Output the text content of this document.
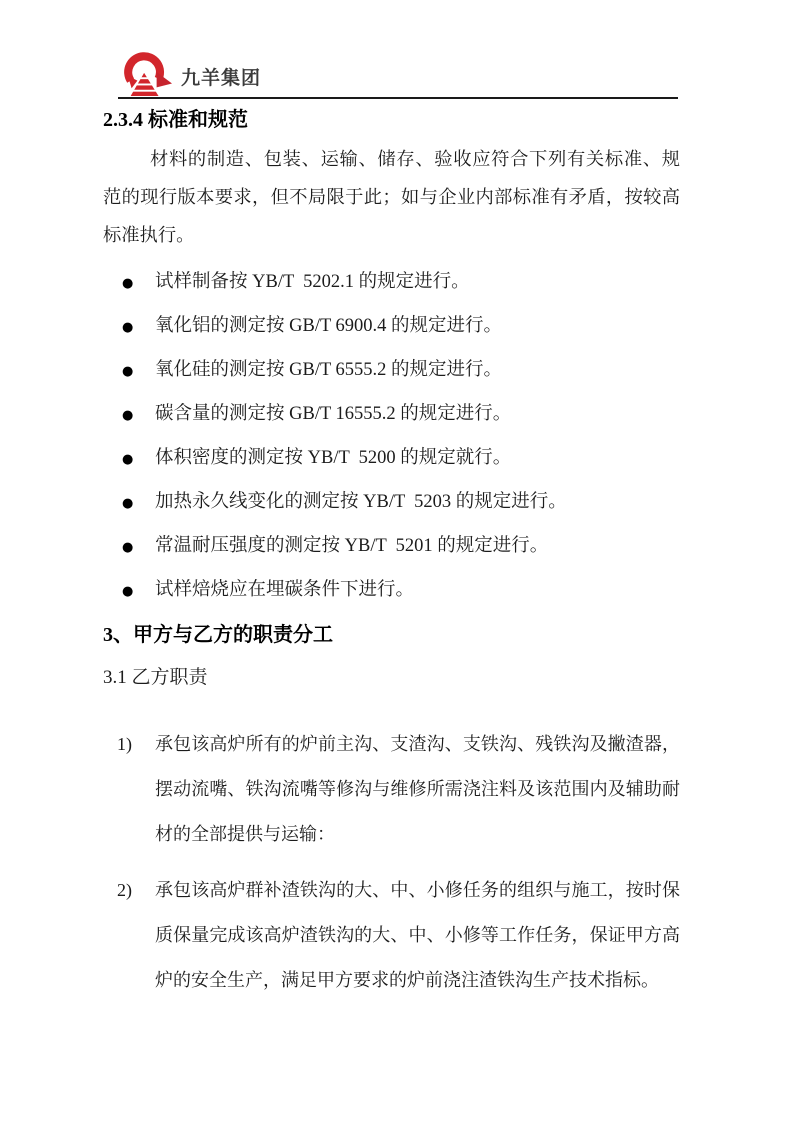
九羊集团
2.3.4 标准和规范

材料的制造、包装、运输、储存、验收应符合下列有关标准、规范的现行版本要求，但不局限于此；如与企业内部标准有矛盾，按较高标准执行。

●	试样制备按 YB/T  5202.1 的规定进行。
●	氧化铝的测定按 GB/T 6900.4 的规定进行。
●	氧化硅的测定按 GB/T 6555.2 的规定进行。
●	碳含量的测定按 GB/T 16555.2 的规定进行。
●	体积密度的测定按 YB/T  5200 的规定就行。
●	加热永久线变化的测定按 YB/T  5203 的规定进行。
●	常温耐压强度的测定按 YB/T  5201 的规定进行。
●	试样焙烧应在埋碳条件下进行。
3、甲方与乙方的职责分工
3.1 乙方职责
1)	承包该高炉所有的炉前主沟、支渣沟、支铁沟、残铁沟及撇渣器，摆动流嘴、铁沟流嘴等修沟与维修所需浇注料及该范围内及辅助耐材的全部提供与运输：
2)	承包该高炉群补渣铁沟的大、中、小修任务的组织与施工，按时保质保量完成该高炉渣铁沟的大、中、小修等工作任务，保证甲方高炉的安全生产，满足甲方要求的炉前浇注渣铁沟生产技术指标。
